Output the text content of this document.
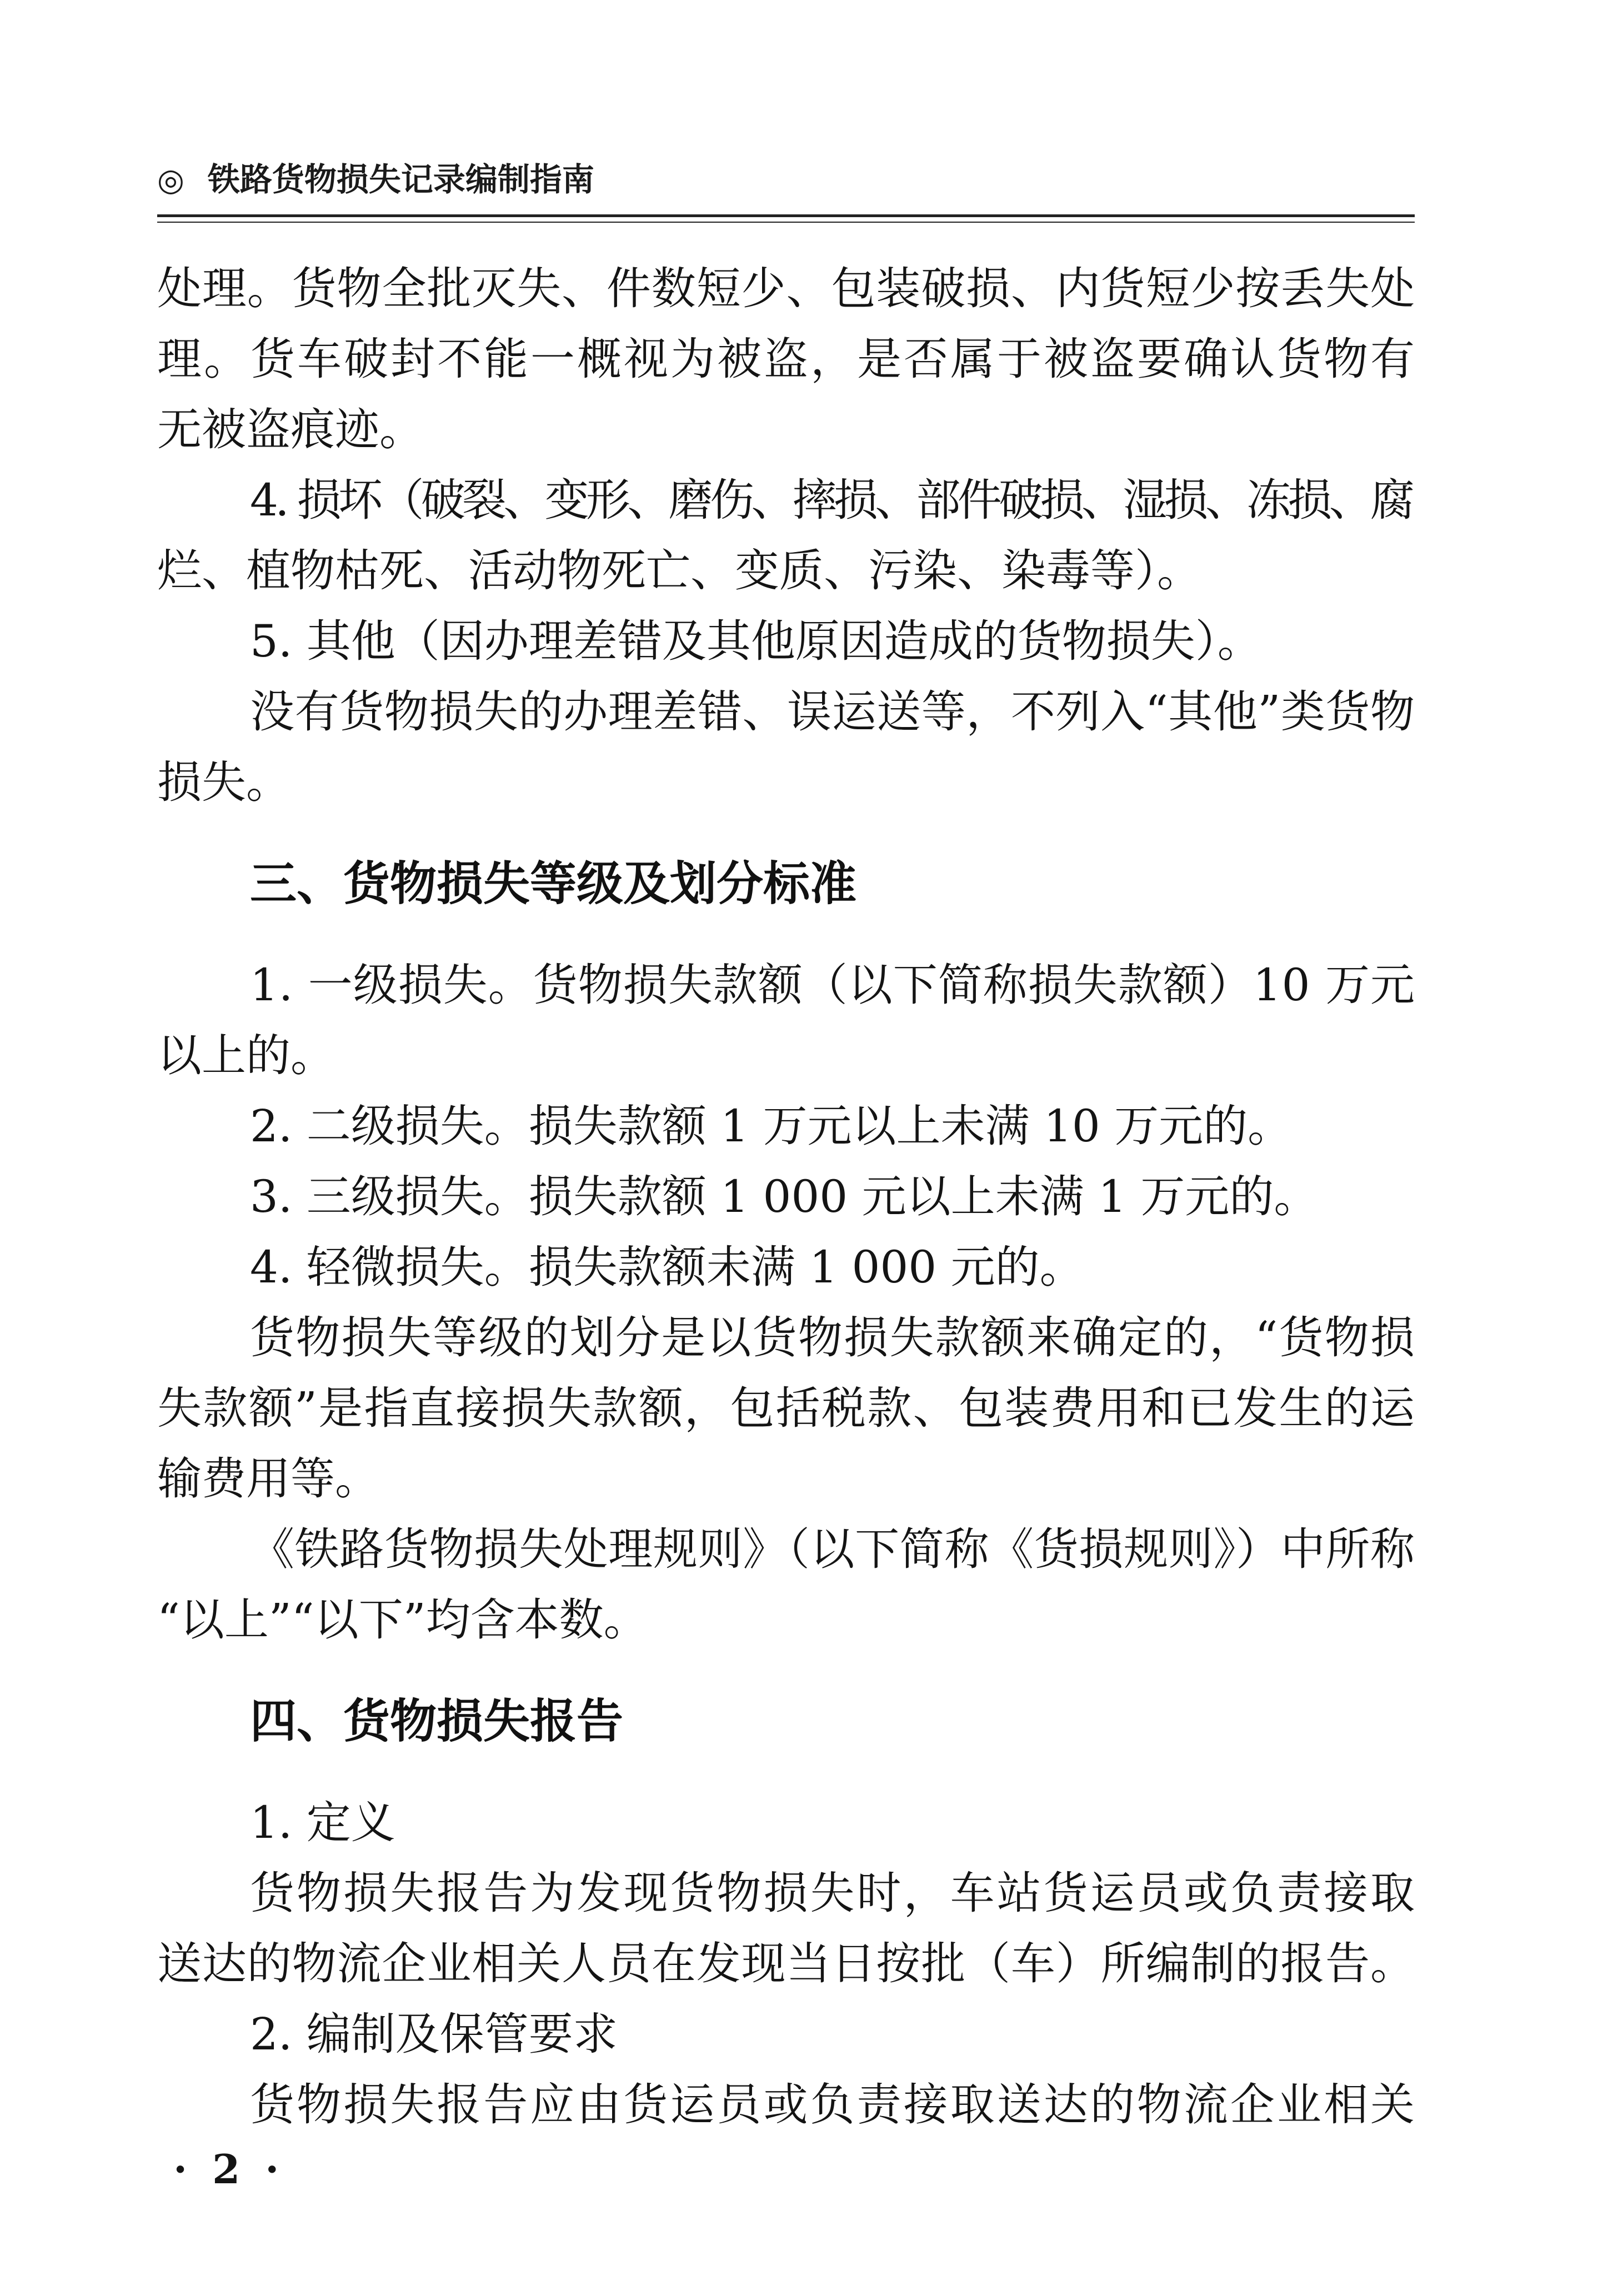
◎ 铁路货物损失记录编制指南
处理。货物全批灭失、件数短少、包装破损、内货短少按丢失处
理。货车破封不能一概视为被盗，是否属于被盗要确认货物有
无被盗痕迹。
4. 损坏（破裂、变形、磨伤、摔损、部件破损、湿损、冻损、腐
烂、植物枯死、活动物死亡、变质、污染、染毒等）。
5. 其他（因办理差错及其他原因造成的货物损失）。
没有货物损失的办理差错、误运送等，不列入“其他”类货物
损失。
三、货物损失等级及划分标准
1. 一级损失。货物损失款额（以下简称损失款额）10 万元
以上的。
2. 二级损失。损失款额 1 万元以上未满 10 万元的。
3. 三级损失。损失款额 1 000 元以上未满 1 万元的。
4. 轻微损失。损失款额未满 1 000 元的。
货物损失等级的划分是以货物损失款额来确定的，“货物损
失款额”是指直接损失款额，包括税款、包装费用和已发生的运
输费用等。
《铁路货物损失处理规则》（以下简称《货损规则》）中所称
“以上”“以下”均含本数。
四、货物损失报告
1. 定义
货物损失报告为发现货物损失时，车站货运员或负责接取
送达的物流企业相关人员在发现当日按批（车）所编制的报告。
2. 编制及保管要求
货物损失报告应由货运员或负责接取送达的物流企业相关
· 2 ·
